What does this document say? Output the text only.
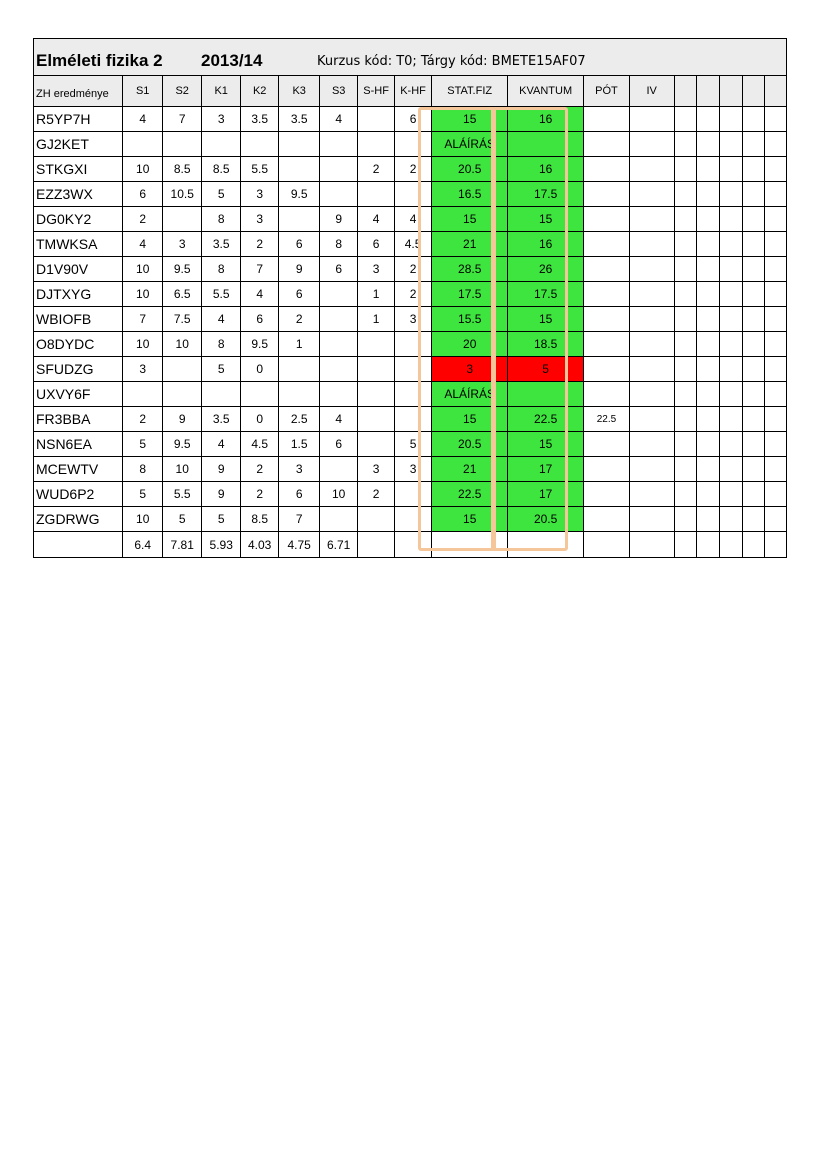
Elméleti fizika 2 2013/14	Kurzus kód: T0; Tárgy kód: BMETE15AF07
ZH eredménye	S1	S2	K1	K2	K3	S3	S-HF	K-HF	STAT.FIZ	KVANTUM	PÓT	IV					
R5YP7H	4	7	3	3.5	3.5	4		6	15	16							
GJ2KET									ALÁÍRÁS								
STKGXI	10	8.5	8.5	5.5			2	2	20.5	16							
EZZ3WX	6	10.5	5	3	9.5				16.5	17.5							
DG0KY2	2		8	3		9	4	4	15	15							
TMWKSA	4	3	3.5	2	6	8	6	4.5	21	16							
D1V90V	10	9.5	8	7	9	6	3	2	28.5	26							
DJTXYG	10	6.5	5.5	4	6		1	2	17.5	17.5							
WBIOFB	7	7.5	4	6	2		1	3	15.5	15							
O8DYDC	10	10	8	9.5	1				20	18.5							
SFUDZG	3		5	0					3	5							
UXVY6F									ALÁÍRÁS								
FR3BBA	2	9	3.5	0	2.5	4			15	22.5	22.5						
NSN6EA	5	9.5	4	4.5	1.5	6		5	20.5	15							
MCEWTV	8	10	9	2	3		3	3	21	17							
WUD6P2	5	5.5	9	2	6	10	2		22.5	17							
ZGDRWG	10	5	5	8.5	7				15	20.5							
	6.4	7.81	5.93	4.03	4.75	6.71											
